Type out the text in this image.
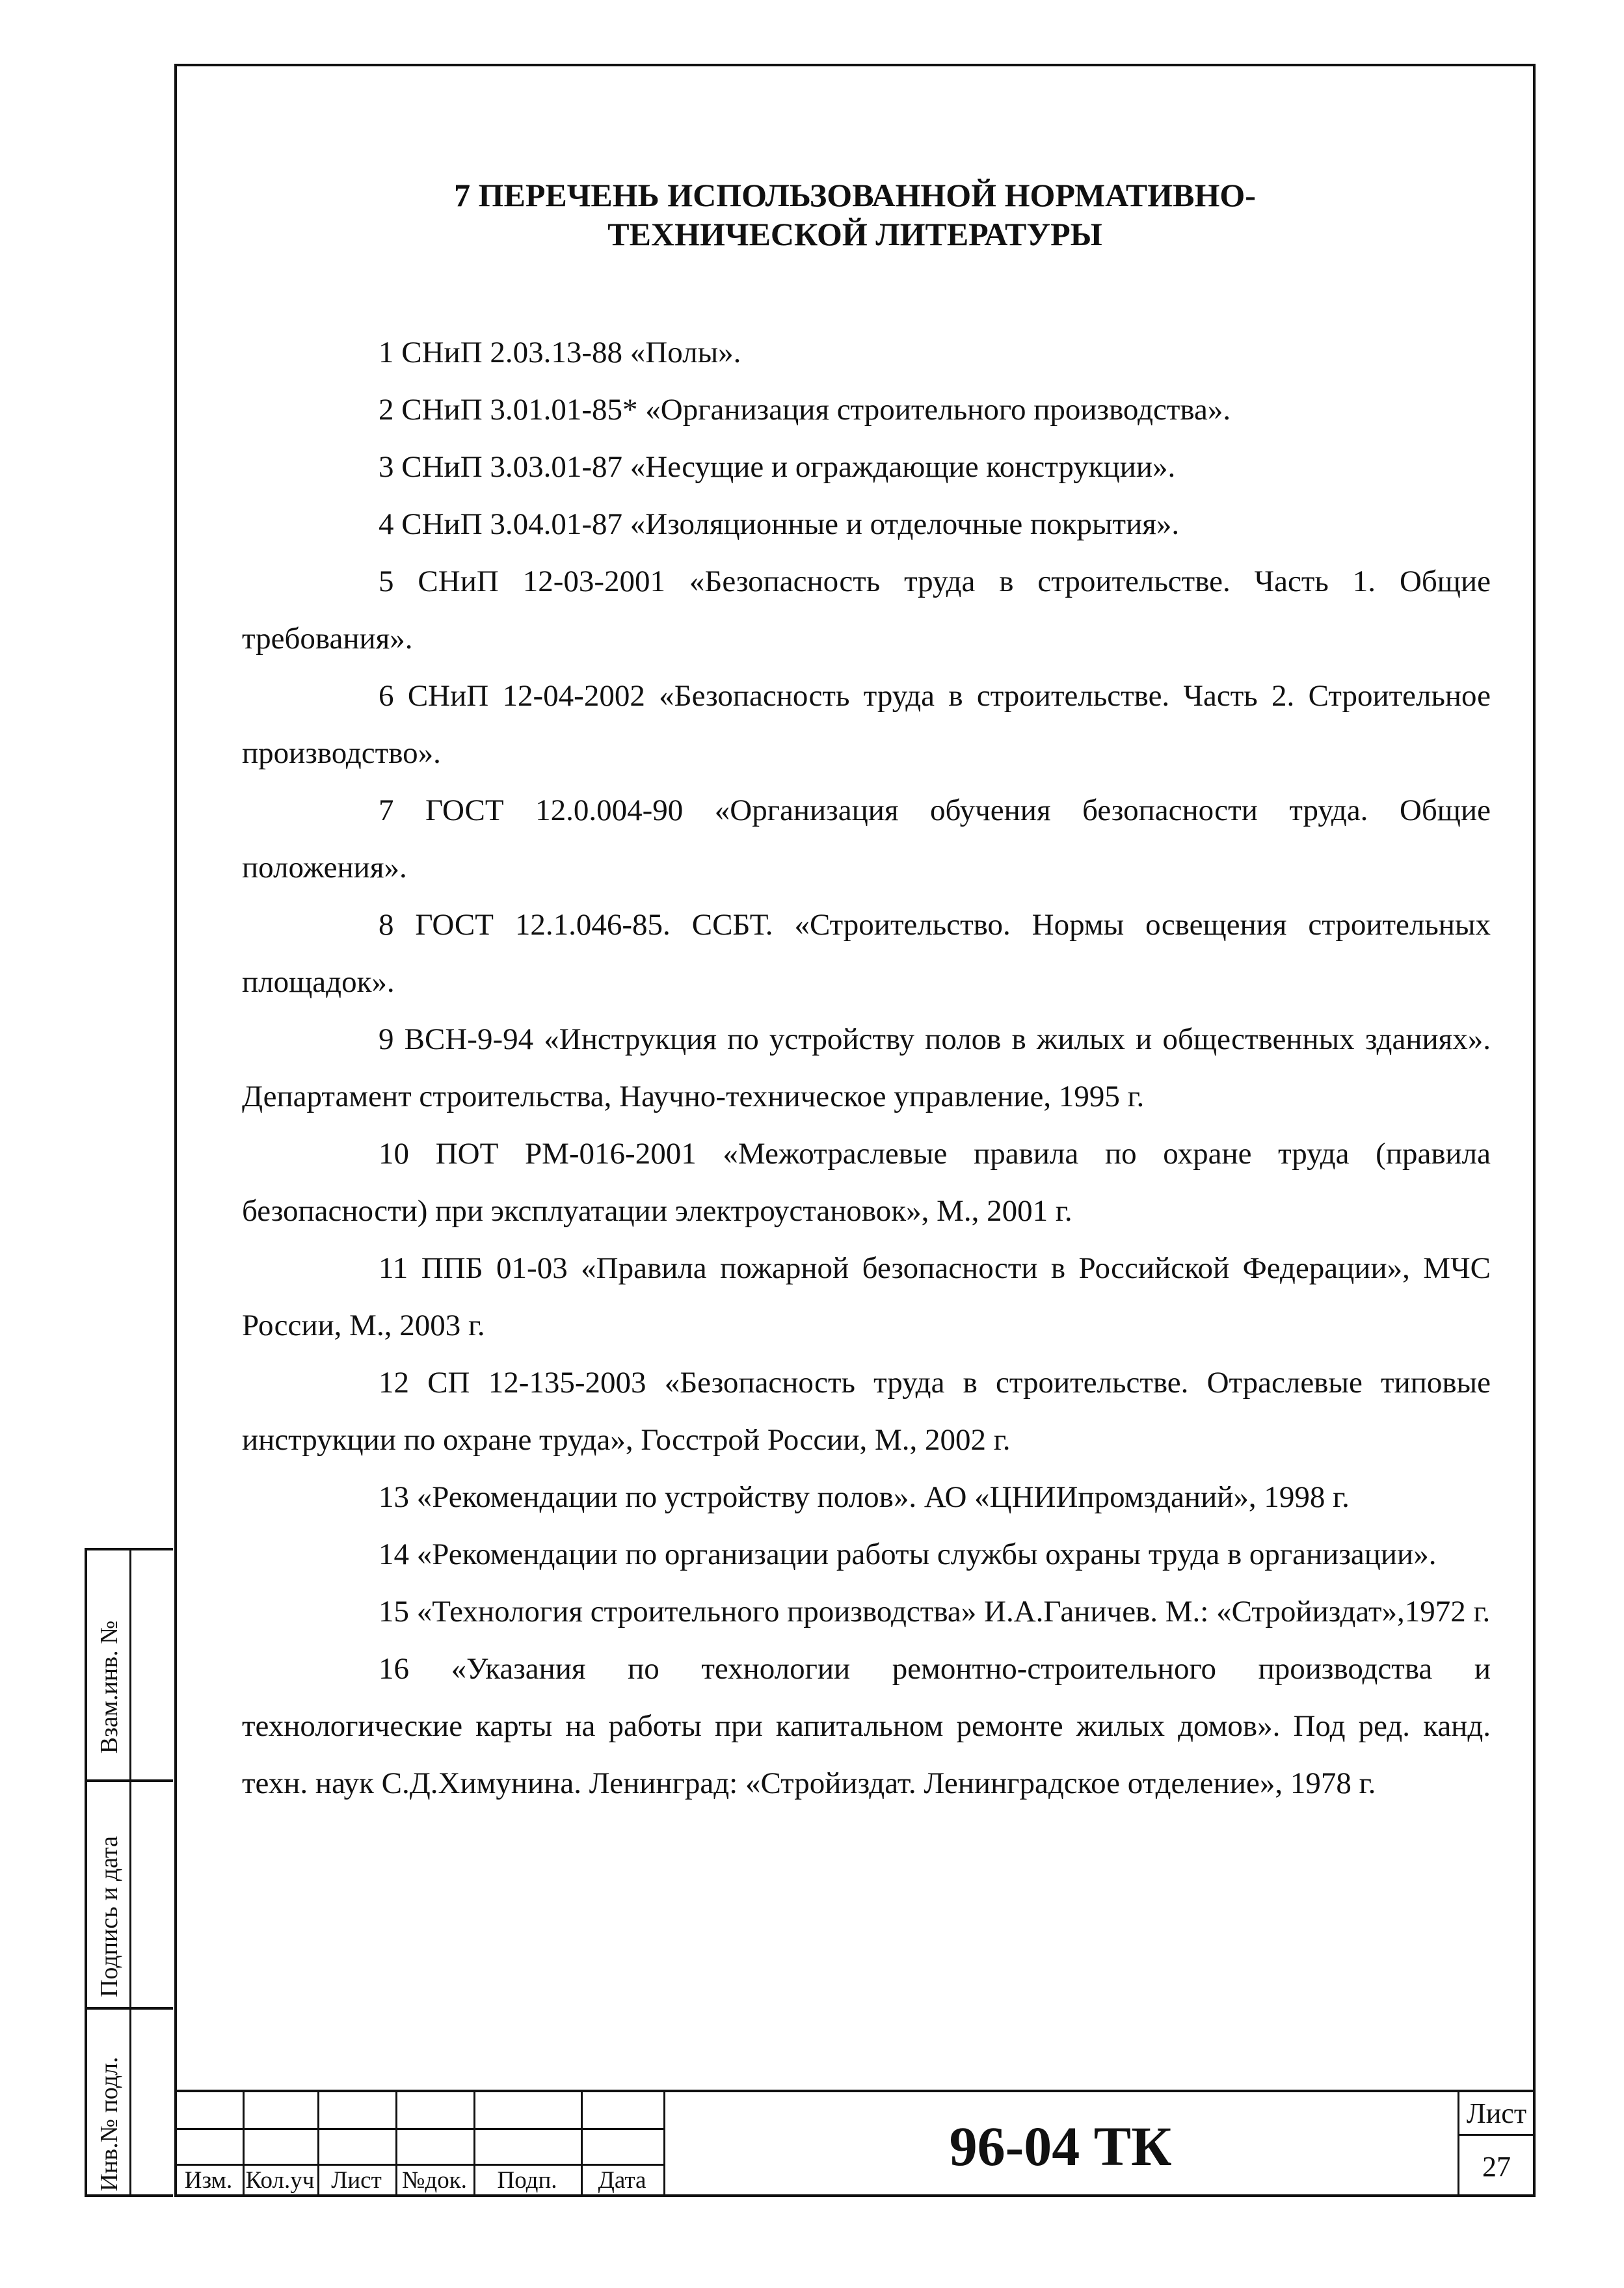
7 ПЕРЕЧЕНЬ ИСПОЛЬЗОВАННОЙ НОРМАТИВНО-
ТЕХНИЧЕСКОЙ ЛИТЕРАТУРЫ
1 СНиП 2.03.13-88 «Полы».
2 СНиП 3.01.01-85* «Организация строительного производства».
3 СНиП 3.03.01-87 «Несущие и ограждающие конструкции».
4 СНиП 3.04.01-87 «Изоляционные и отделочные покрытия».
5 СНиП 12-03-2001 «Безопасность труда в строительстве. Часть 1. Общие требования».
6 СНиП 12-04-2002 «Безопасность труда в строительстве. Часть 2. Строительное производство».
7 ГОСТ 12.0.004-90 «Организация обучения безопасности труда. Общие положения».
8 ГОСТ 12.1.046-85. ССБТ. «Строительство. Нормы освещения строительных площадок».
9 ВСН-9-94 «Инструкция по устройству полов в жилых и общественных зданиях». Департамент строительства, Научно-техническое управление, 1995 г.
10 ПОТ РМ-016-2001 «Межотраслевые правила по охране труда (правила безопасности) при эксплуатации электроустановок», М., 2001 г.
11 ППБ 01-03 «Правила пожарной безопасности в Российской Федерации», МЧС России, М., 2003 г.
12 СП 12-135-2003 «Безопасность труда в строительстве. Отраслевые типовые инструкции по охране труда», Госстрой России, М., 2002 г.
13 «Рекомендации по устройству полов». АО «ЦНИИпромзданий», 1998 г.
14 «Рекомендации по организации работы службы охраны труда в организации».
15 «Технология строительного производства» И.А.Ганичев. М.: «Стройиздат»,1972 г.
16 «Указания по технологии ремонтно-строительного производства и технологические карты на работы при капитальном ремонте жилых домов». Под ред. канд. техн. наук С.Д.Химунина. Ленинград: «Стройиздат. Ленинградское отделение», 1978 г.
Взам.инв. №
Подпись и дата
Инв.№ подл.	Изм. Кол.уч Лист №док.	Подп.	Дата
96-04 ТК
Лист
27
